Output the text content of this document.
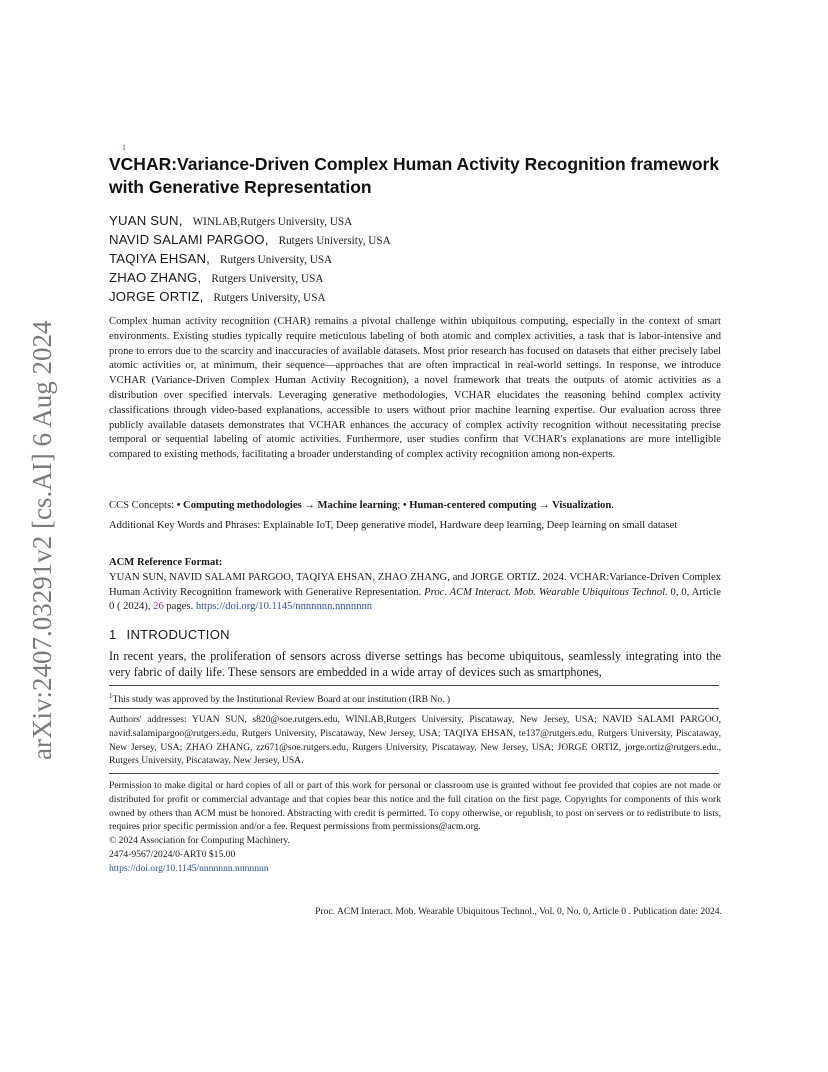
arXiv:2407.03291v2 [cs.AI] 6 Aug 2024
1
VCHAR:Variance-Driven Complex Human Activity Recognition framework with Generative Representation
YUAN SUN, WINLAB,Rutgers University, USA
NAVID SALAMI PARGOO, Rutgers University, USA
TAQIYA EHSAN, Rutgers University, USA
ZHAO ZHANG, Rutgers University, USA
JORGE ORTIZ, Rutgers University, USA
Complex human activity recognition (CHAR) remains a pivotal challenge within ubiquitous computing, especially in the context of smart environments. Existing studies typically require meticulous labeling of both atomic and complex activities, a task that is labor-intensive and prone to errors due to the scarcity and inaccuracies of available datasets. Most prior research has focused on datasets that either precisely label atomic activities or, at minimum, their sequence—approaches that are often impractical in real-world settings. In response, we introduce VCHAR (Variance-Driven Complex Human Activity Recognition), a novel framework that treats the outputs of atomic activities as a distribution over specified intervals. Leveraging generative methodologies, VCHAR elucidates the reasoning behind complex activity classifications through video-based explanations, accessible to users without prior machine learning expertise. Our evaluation across three publicly available datasets demonstrates that VCHAR enhances the accuracy of complex activity recognition without necessitating precise temporal or sequential labeling of atomic activities. Furthermore, user studies confirm that VCHAR's explanations are more intelligible compared to existing methods, facilitating a broader understanding of complex activity recognition among non-experts.
CCS Concepts: • Computing methodologies → Machine learning; • Human-centered computing → Visualization.
Additional Key Words and Phrases: Explainable IoT, Deep generative model, Hardware deep learning, Deep learning on small dataset
ACM Reference Format:
YUAN SUN, NAVID SALAMI PARGOO, TAQIYA EHSAN, ZHAO ZHANG, and JORGE ORTIZ. 2024. VCHAR:Variance-Driven Complex Human Activity Recognition framework with Generative Representation. Proc. ACM Interact. Mob. Wearable Ubiquitous Technol. 0, 0, Article 0 ( 2024), 26 pages. https://doi.org/10.1145/nnnnnnn.nnnnnnn
1 INTRODUCTION
In recent years, the proliferation of sensors across diverse settings has become ubiquitous, seamlessly integrating into the very fabric of daily life. These sensors are embedded in a wide array of devices such as smartphones,
$^1$This study was approved by the Institutional Review Board at our institution (IRB No. )
Authors' addresses: YUAN SUN, s820@soe.rutgers.edu, WINLAB,Rutgers University, Piscataway, New Jersey, USA; NAVID SALAMI PARGOO, navid.salamipargoo@rutgers.edu, Rutgers University, Piscataway, New Jersey, USA; TAQIYA EHSAN, te137@rutgers.edu, Rutgers University, Piscataway, New Jersey, USA; ZHAO ZHANG, zz671@soe.rutgers.edu, Rutgers University, Piscataway, New Jersey, USA; JORGE ORTIZ, jorge.ortiz@rutgers.edu., Rutgers University, Piscataway, New Jersey, USA.
Permission to make digital or hard copies of all or part of this work for personal or classroom use is granted without fee provided that copies are not made or distributed for profit or commercial advantage and that copies bear this notice and the full citation on the first page. Copyrights for components of this work owned by others than ACM must be honored. Abstracting with credit is permitted. To copy otherwise, or republish, to post on servers or to redistribute to lists, requires prior specific permission and/or a fee. Request permissions from permissions@acm.org.
© 2024 Association for Computing Machinery.
2474-9567/2024/0-ART0 $15.00
https://doi.org/10.1145/nnnnnnn.nnnnnnn
Proc. ACM Interact. Mob. Wearable Ubiquitous Technol., Vol. 0, No. 0, Article 0 . Publication date: 2024.
